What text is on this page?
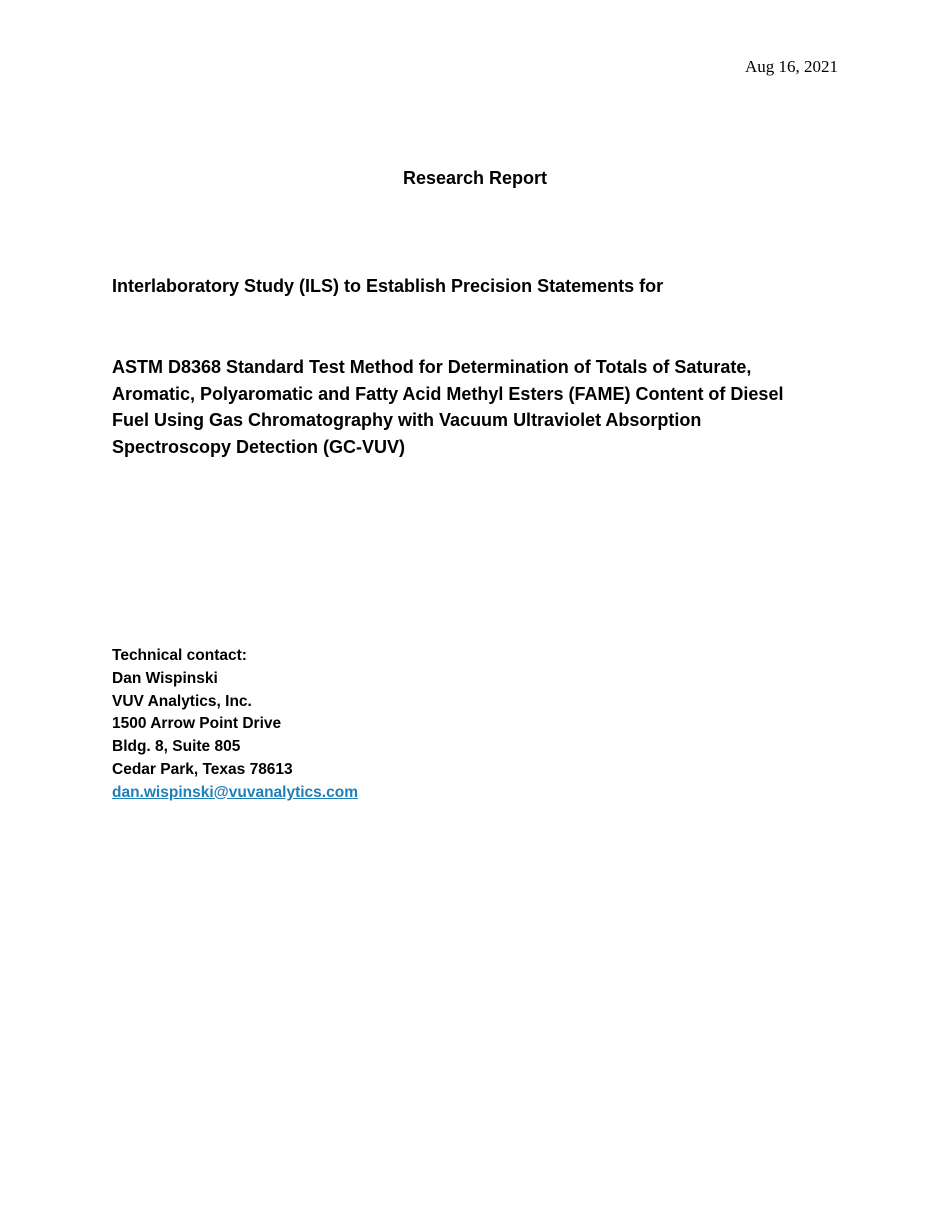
Aug 16, 2021
Research Report
Interlaboratory Study (ILS) to Establish Precision Statements for
ASTM D8368 Standard Test Method for Determination of Totals of Saturate,
Aromatic, Polyaromatic and Fatty Acid Methyl Esters (FAME) Content of Diesel
Fuel Using Gas Chromatography with Vacuum Ultraviolet Absorption
Spectroscopy Detection (GC-VUV)
Technical contact:
Dan Wispinski
VUV Analytics, Inc.
1500 Arrow Point Drive
Bldg. 8, Suite 805
Cedar Park, Texas 78613
dan.wispinski@vuvanalytics.com
